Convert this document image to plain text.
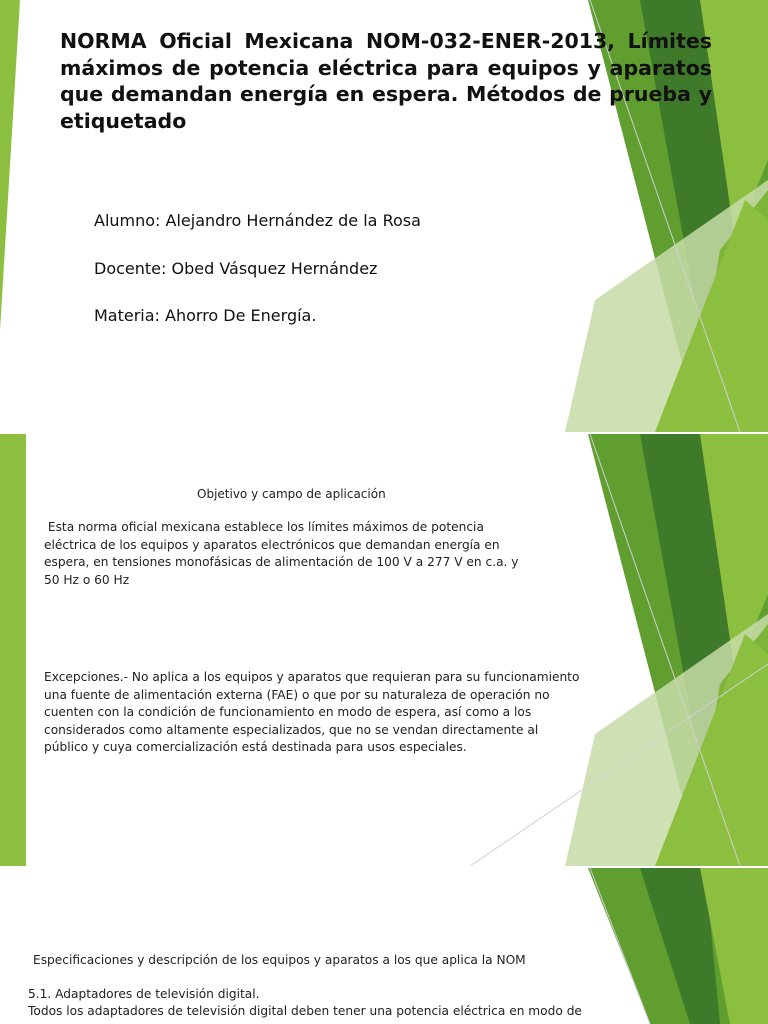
NORMA Oficial Mexicana NOM-032-ENER-2013, Límites máximos de potencia eléctrica para equipos y aparatos que demandan energía en espera. Métodos de prueba y etiquetado
Alumno: Alejandro Hernández de la Rosa
Docente: Obed Vásquez Hernández
Materia: Ahorro De Energía.
Objetivo y campo de aplicación
Esta norma oficial mexicana establece los límites máximos de potencia
eléctrica de los equipos y aparatos electrónicos que demandan energía en
espera, en tensiones monofásicas de alimentación de 100 V a 277 V en c.a. y
50 Hz o 60 Hz
Excepciones.- No aplica a los equipos y aparatos que requieran para su funcionamiento
una fuente de alimentación externa (FAE) o que por su naturaleza de operación no
cuenten con la condición de funcionamiento en modo de espera, así como a los
considerados como altamente especializados, que no se vendan directamente al
público y cuya comercialización está destinada para usos especiales.
Especificaciones y descripción de los equipos y aparatos a los que aplica la NOM
5.1. Adaptadores de televisión digital.
Todos los adaptadores de televisión digital deben tener una potencia eléctrica en modo de
